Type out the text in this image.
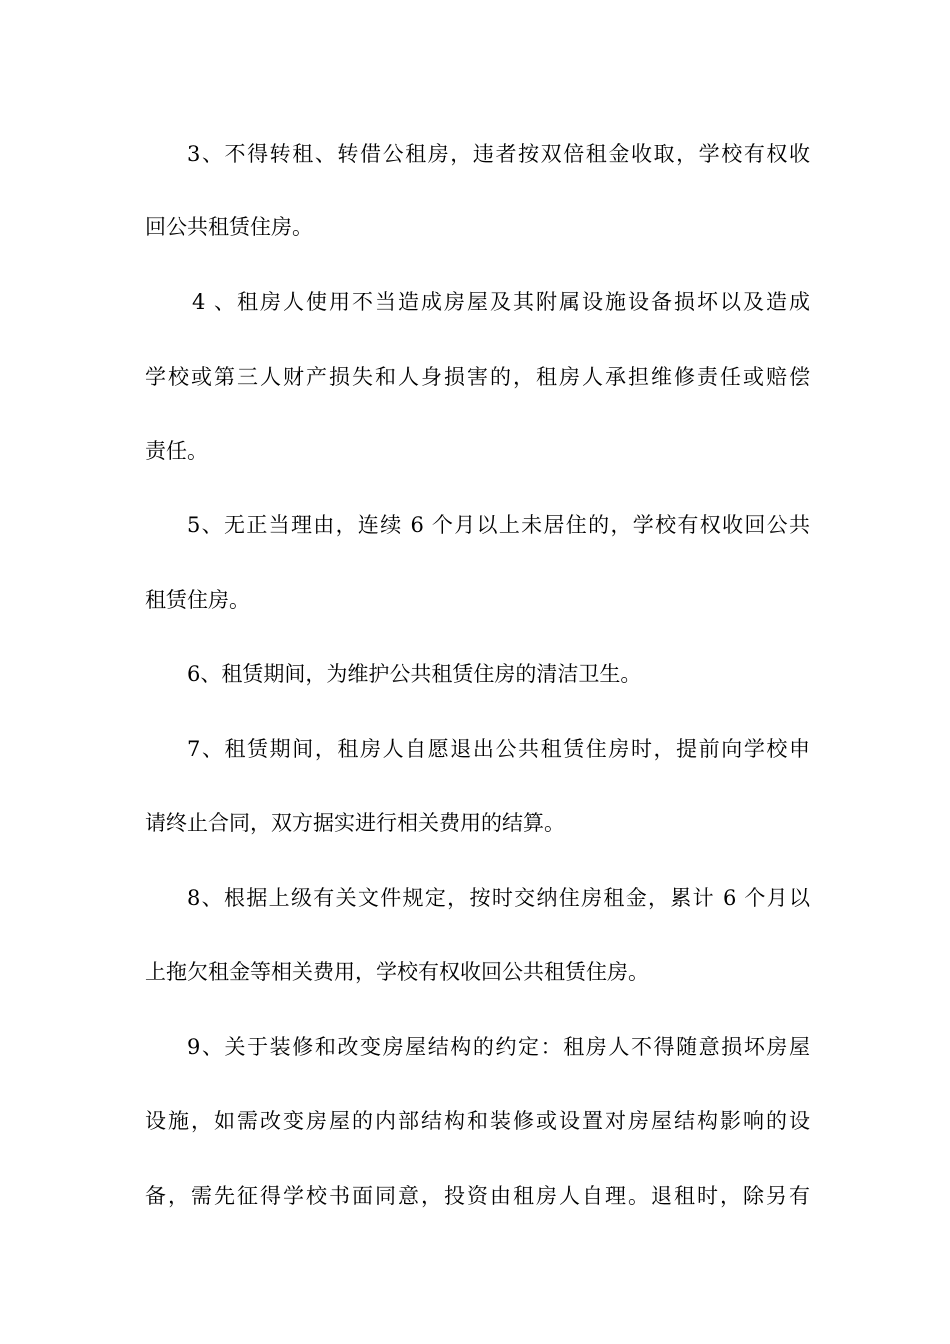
3、不得转租、转借公租房，违者按双倍租金收取，学校有权收

回公共租赁住房。

4 、租房人使用不当造成房屋及其附属设施设备损坏以及造成

学校或第三人财产损失和人身损害的，租房人承担维修责任或赔偿

责任。

5、无正当理由，连续 6 个月以上未居住的，学校有权收回公共

租赁住房。

6、租赁期间，为维护公共租赁住房的清洁卫生。

7、租赁期间，租房人自愿退出公共租赁住房时，提前向学校申

请终止合同，双方据实进行相关费用的结算。

8、根据上级有关文件规定，按时交纳住房租金，累计 6 个月以

上拖欠租金等相关费用，学校有权收回公共租赁住房。

9、关于装修和改变房屋结构的约定：租房人不得随意损坏房屋

设施，如需改变房屋的内部结构和装修或设置对房屋结构影响的设

备，需先征得学校书面同意，投资由租房人自理。退租时，除另有
